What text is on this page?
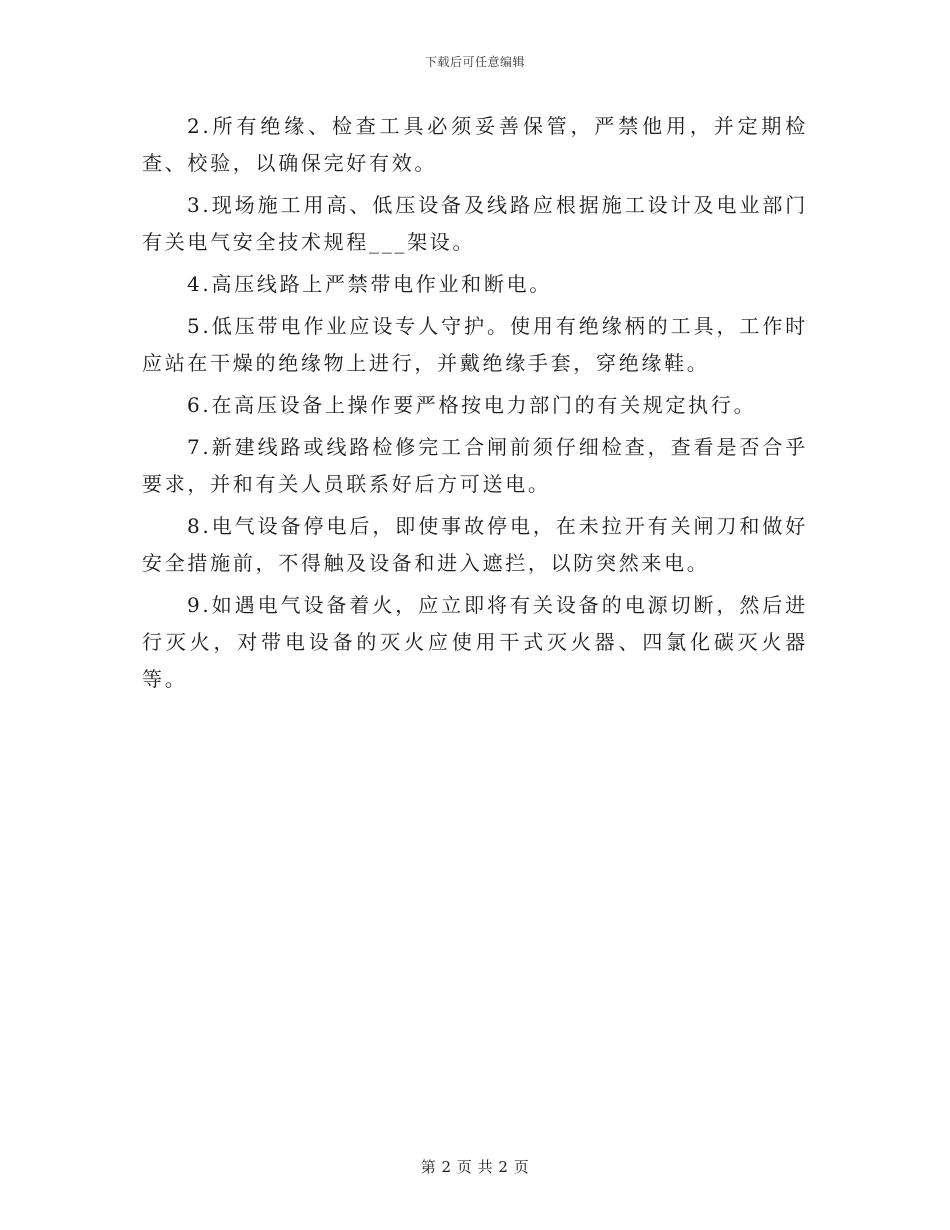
下载后可任意编辑

2.所有绝缘、检查工具必须妥善保管，严禁他用，并定期检查、校验，以确保完好有效。

3.现场施工用高、低压设备及线路应根据施工设计及电业部门有关电气安全技术规程___架设。

4.高压线路上严禁带电作业和断电。

5.低压带电作业应设专人守护。使用有绝缘柄的工具，工作时应站在干燥的绝缘物上进行，并戴绝缘手套，穿绝缘鞋。

6.在高压设备上操作要严格按电力部门的有关规定执行。

7.新建线路或线路检修完工合闸前须仔细检查，查看是否合乎要求，并和有关人员联系好后方可送电。

8.电气设备停电后，即使事故停电，在未拉开有关闸刀和做好安全措施前，不得触及设备和进入遮拦，以防突然来电。

9.如遇电气设备着火，应立即将有关设备的电源切断，然后进行灭火，对带电设备的灭火应使用干式灭火器、四氯化碳灭火器等。

第 2 页 共 2 页
